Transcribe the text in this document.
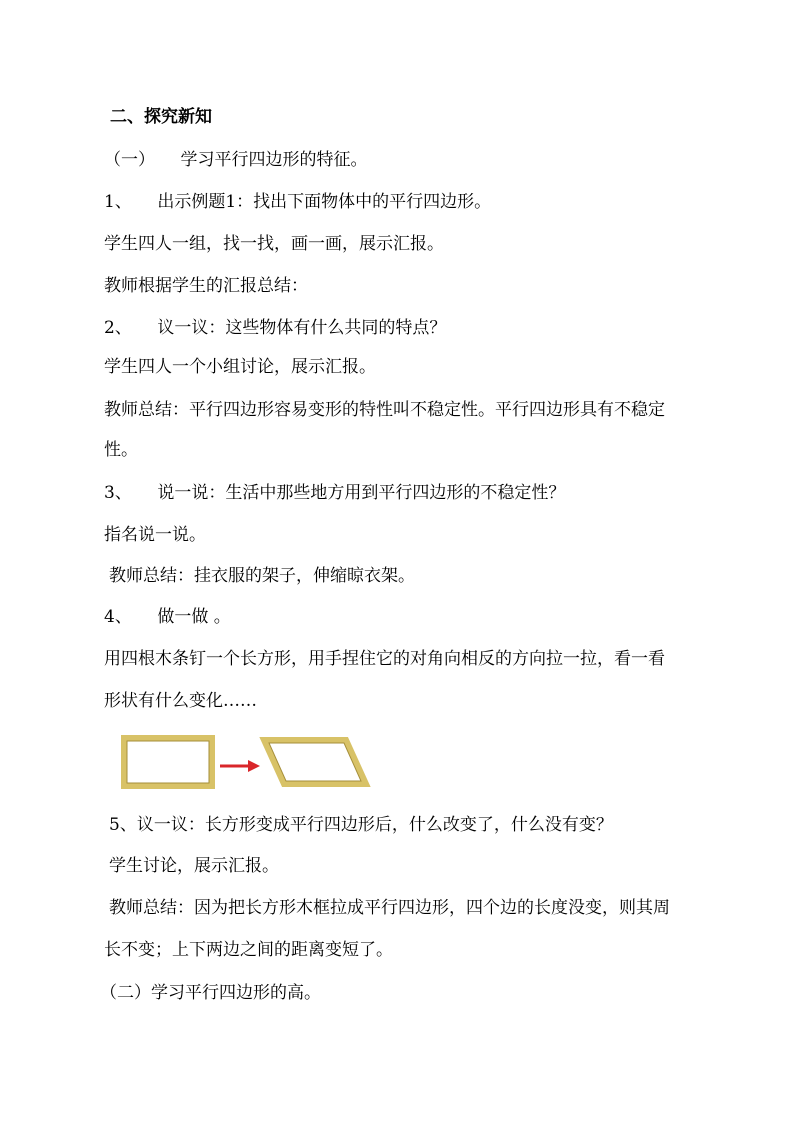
二、探究新知
（一）　　学习平行四边形的特征。
1、　　出示例题1：找出下面物体中的平行四边形。
学生四人一组，找一找，画一画，展示汇报。
教师根据学生的汇报总结：
2、　　议一议：这些物体有什么共同的特点？
学生四人一个小组讨论，展示汇报。
教师总结：平行四边形容易变形的特性叫不稳定性。平行四边形具有不稳定
性。
3、　　说一说：生活中那些地方用到平行四边形的不稳定性？
指名说一说。
教师总结：挂衣服的架子，伸缩晾衣架。
4、　　做一做 。
用四根木条钉一个长方形，用手捏住它的对角向相反的方向拉一拉，看一看
形状有什么变化……
5、议一议：长方形变成平行四边形后，什么改变了，什么没有变？
学生讨论，展示汇报。
教师总结：因为把长方形木框拉成平行四边形，四个边的长度没变，则其周
长不变；上下两边之间的距离变短了。
（二）学习平行四边形的高。
